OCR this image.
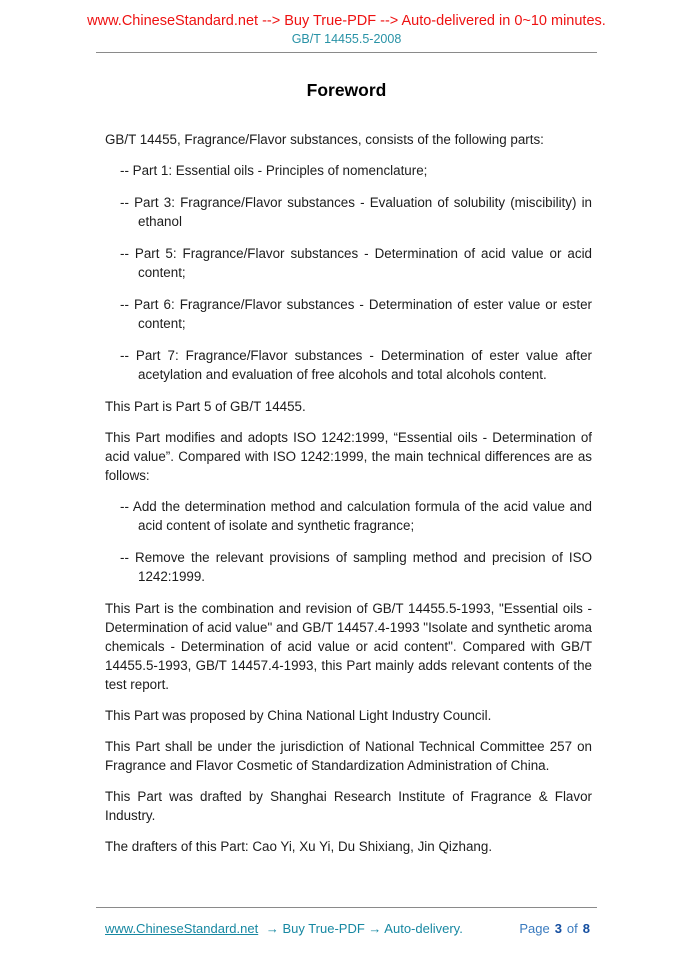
www.ChineseStandard.net --> Buy True-PDF --> Auto-delivered in 0~10 minutes.
GB/T 14455.5-2008
Foreword
GB/T 14455, Fragrance/Flavor substances, consists of the following parts:
-- Part 1: Essential oils - Principles of nomenclature;
-- Part 3: Fragrance/Flavor substances - Evaluation of solubility (miscibility) in ethanol
-- Part 5: Fragrance/Flavor substances - Determination of acid value or acid content;
-- Part 6: Fragrance/Flavor substances - Determination of ester value or ester content;
-- Part 7: Fragrance/Flavor substances - Determination of ester value after acetylation and evaluation of free alcohols and total alcohols content.
This Part is Part 5 of GB/T 14455.
This Part modifies and adopts ISO 1242:1999, “Essential oils - Determination of acid value”. Compared with ISO 1242:1999, the main technical differences are as follows:
-- Add the determination method and calculation formula of the acid value and acid content of isolate and synthetic fragrance;
-- Remove the relevant provisions of sampling method and precision of ISO 1242:1999.
This Part is the combination and revision of GB/T 14455.5-1993, "Essential oils - Determination of acid value" and GB/T 14457.4-1993 "Isolate and synthetic aroma chemicals - Determination of acid value or acid content". Compared with GB/T 14455.5-1993, GB/T 14457.4-1993, this Part mainly adds relevant contents of the test report.
This Part was proposed by China National Light Industry Council.
This Part shall be under the jurisdiction of National Technical Committee 257 on Fragrance and Flavor Cosmetic of Standardization Administration of China.
This Part was drafted by Shanghai Research Institute of Fragrance & Flavor Industry.
The drafters of this Part: Cao Yi, Xu Yi, Du Shixiang, Jin Qizhang.
www.ChineseStandard.net → Buy True-PDF → Auto-delivery.	Page 3 of 8
